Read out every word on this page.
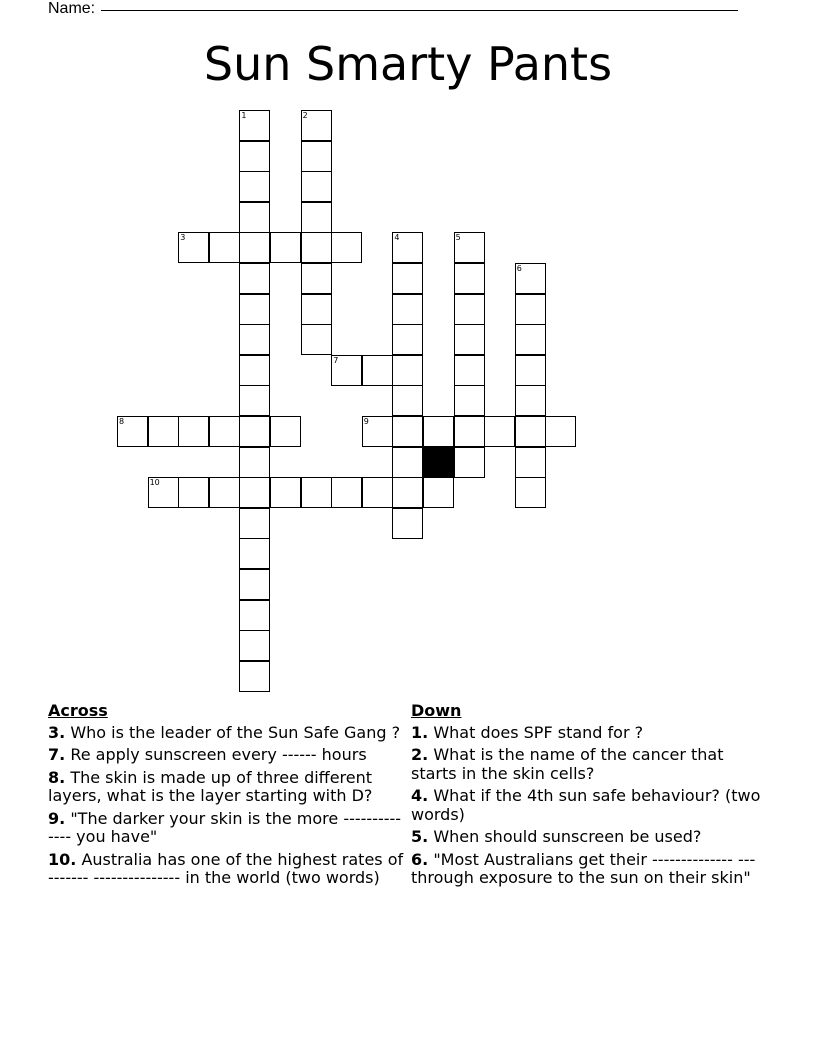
Name:
Sun Smarty Pants
1	2
3	4	5
6
7
8	9
10
Across
3. Who is the leader of the Sun Safe Gang ?
7. Re apply sunscreen every ------ hours
8. The skin is made up of three different layers, what is the layer starting with D?
9. "The darker your skin is the more -------------- you have"
10. Australia has one of the highest rates of ------- --------------- in the world (two words)
Down
1. What does SPF stand for ?
2. What is the name of the cancer that starts in the skin cells?
4. What if the 4th sun safe behaviour? (two words)
5. When should sunscreen be used?
6. "Most Australians get their -------------- --- through exposure to the sun on their skin"
